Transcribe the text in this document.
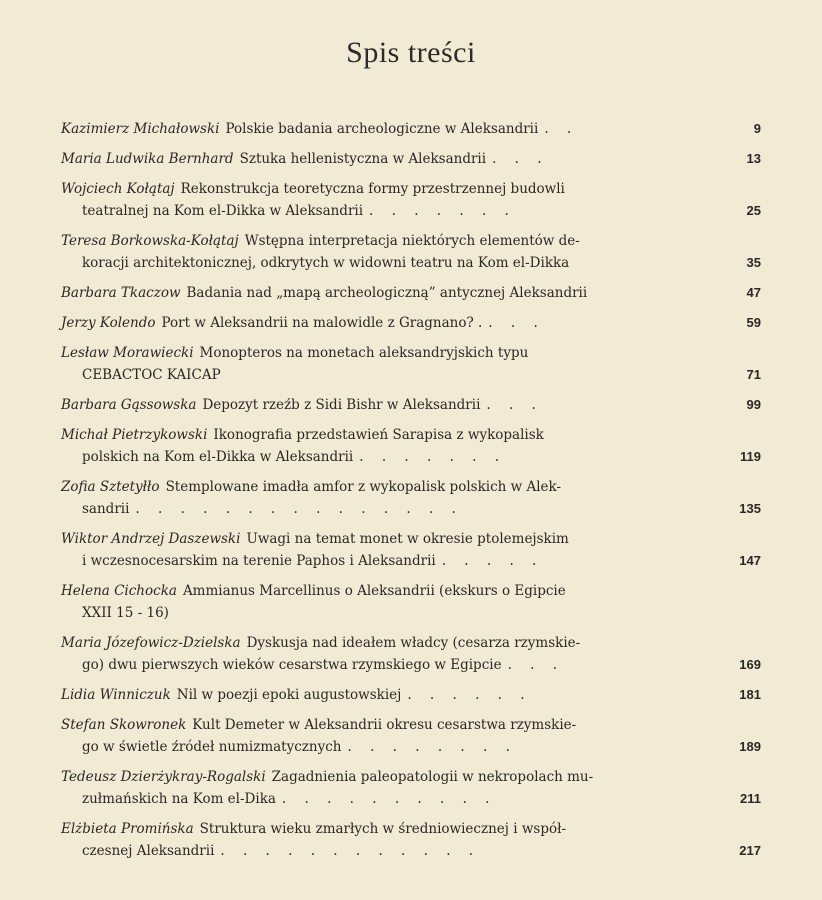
Spis treści
Kazimierz Michałowski Polskie badania archeologiczne w Aleksandrii . .	9
Maria Ludwika Bernhard Sztuka hellenistyczna w Aleksandrii . . .	13
Wojciech Kołątaj Rekonstrukcja teoretyczna formy przestrzennej budowli
teatralnej na Kom el-Dikka w Aleksandrii . . . . . . .	25
Teresa Borkowska-Kołątaj Wstępna interpretacja niektórych elementów de-
koracji architektonicznej, odkrytych w widowni teatru na Kom el-Dikka	35
Barbara Tkaczow Badania nad „mapą archeologiczną” antycznej Aleksandrii	47
Jerzy Kolendo Port w Aleksandrii na malowidle z Gragnano? . . . .	59
Lesław Morawiecki Monopteros na monetach aleksandryjskich typu
CEBACTOC KAICAP	71
Barbara Gąssowska Depozyt rzeźb z Sidi Bishr w Aleksandrii . . .	99
Michał Pietrzykowski Ikonografia przedstawień Sarapisa z wykopalisk
polskich na Kom el-Dikka w Aleksandrii . . . . . . .	119
Zofia Sztetyłło Stemplowane imadła amfor z wykopalisk polskich w Alek-
sandrii . . . . . . . . . . . . . . .	135
Wiktor Andrzej Daszewski Uwagi na temat monet w okresie ptolemejskim
i wczesnocesarskim na terenie Paphos i Aleksandrii . . . . .	147
Helena Cichocka Ammianus Marcellinus o Aleksandrii (ekskurs o Egipcie
XXII 15 - 16)
Maria Józefowicz-Dzielska Dyskusja nad ideałem władcy (cesarza rzymskie-
go) dwu pierwszych wieków cesarstwa rzymskiego w Egipcie . . .	169
Lidia Winniczuk Nil w poezji epoki augustowskiej . . . . . .	181
Stefan Skowronek Kult Demeter w Aleksandrii okresu cesarstwa rzymskie-
go w świetle źródeł numizmatycznych . . . . . . . .	189
Tedeusz Dzierżykray-Rogalski Zagadnienia paleopatologii w nekropolach mu-
zułmańskich na Kom el-Dika . . . . . . . . . .	211
Elżbieta Promińska Struktura wieku zmarłych w średniowiecznej i współ-
czesnej Aleksandrii . . . . . . . . . . . .	217
